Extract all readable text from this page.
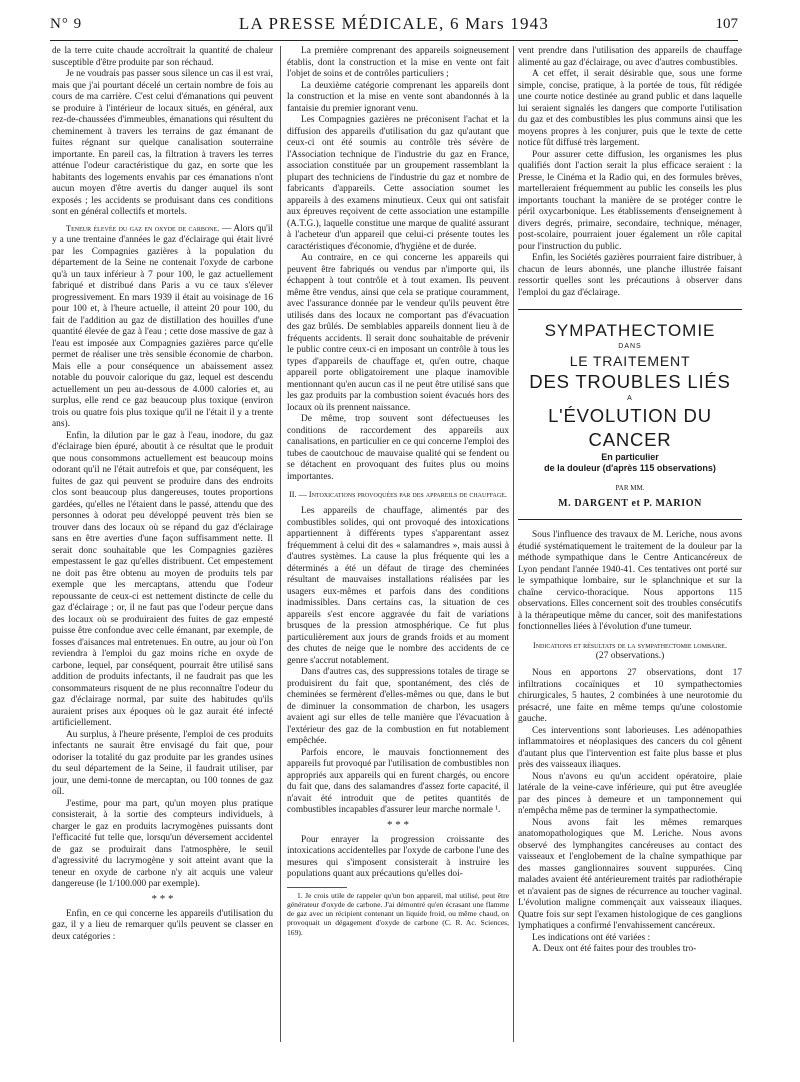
N° 9	LA PRESSE MÉDICALE, 6 Mars 1943	107

de la terre cuite chaude accroîtrait la quantité de chaleur susceptible d'être produite par son réchaud.

Je ne voudrais pas passer sous silence un cas il est vrai, mais que j'ai pourtant décelé un certain nombre de fois au cours de ma carrière. C'est celui d'émanations qui peuvent se produire à l'intérieur de locaux situés, en général, aux rez-de-chaussées d'immeubles, émanations qui résultent du cheminement à travers les terrains de gaz émanant de fuites régnant sur quelque canalisation souterraine importante. En pareil cas, la filtration à travers les terres atténue l'odeur caractéristique du gaz, en sorte que les habitants des logements envahis par ces émanations n'ont aucun moyen d'être avertis du danger auquel ils sont exposés ; les accidents se produisant dans ces conditions sont en général collectifs et mortels.

Teneur élevée du gaz en oxyde de carbone. — Alors qu'il y a une trentaine d'années le gaz d'éclairage qui était livré par les Compagnies gazières à la population du département de la Seine ne contenait l'oxyde de carbone qu'à un taux inférieur à 7 pour 100, le gaz actuellement fabriqué et distribué dans Paris a vu ce taux s'élever progressivement. En mars 1939 il était au voisinage de 16 pour 100 et, à l'heure actuelle, il atteint 20 pour 100, du fait de l'addition au gaz de distillation des houilles d'une quantité élevée de gaz à l'eau ; cette dose massive de gaz à l'eau est imposée aux Compagnies gazières parce qu'elle permet de réaliser une très sensible économie de charbon. Mais elle a pour conséquence un abaissement assez notable du pouvoir calorique du gaz, lequel est descendu actuellement un peu au-dessous de 4.000 calories et, au surplus, elle rend ce gaz beaucoup plus toxique (environ trois ou quatre fois plus toxique qu'il ne l'était il y a trente ans).

Enfin, la dilution par le gaz à l'eau, inodore, du gaz d'éclairage bien épuré, aboutit à ce résultat que le produit que nous consommons actuellement est beaucoup moins odorant qu'il ne l'était autrefois et que, par conséquent, les fuites de gaz qui peuvent se produire dans des endroits clos sont beaucoup plus dangereuses, toutes proportions gardées, qu'elles ne l'étaient dans le passé, attendu que des personnes à odorat peu développé peuvent très bien se trouver dans des locaux où se répand du gaz d'éclairage sans en être averties d'une façon suffisamment nette. Il serait donc souhaitable que les Compagnies gazières empestassent le gaz qu'elles distribuent. Cet empestement ne doit pas être obtenu au moyen de produits tels par exemple que les mercaptans, attendu que l'odeur repoussante de ceux-ci est nettement distincte de celle du gaz d'éclairage ; or, il ne faut pas que l'odeur perçue dans des locaux où se produiraient des fuites de gaz empesté puisse être confondue avec celle émanant, par exemple, de fosses d'aisances mal entretenues. En outre, au jour où l'on reviendra à l'emploi du gaz moins riche en oxyde de carbone, lequel, par conséquent, pourrait être utilisé sans addition de produits infectants, il ne faudrait pas que les consommateurs risquent de ne plus reconnaître l'odeur du gaz d'éclairage normal, par suite des habitudes qu'ils auraient prises aux époques où le gaz aurait été infecté artificiellement.

Au surplus, à l'heure présente, l'emploi de ces produits infectants ne saurait être envisagé du fait que, pour odoriser la totalité du gaz produite par les grandes usines du seul département de la Seine, il faudrait utiliser, par jour, une demi-tonne de mercaptan, ou 100 tonnes de gaz oïl.

J'estime, pour ma part, qu'un moyen plus pratique consisterait, à la sortie des compteurs individuels, à charger le gaz en produits lacrymogènes puissants dont l'efficacité fut telle que, lorsqu'un déversement accidentel de gaz se produirait dans l'atmosphère, le seuil d'agressivité du lacrymogène y soit atteint avant que la teneur en oxyde de carbone n'y ait acquis une valeur dangereuse (le 1/100.000 par exemple).

* * *

Enfin, en ce qui concerne les appareils d'utilisation du gaz, il y a lieu de remarquer qu'ils peuvent se classer en deux catégories :

La première comprenant des appareils soigneusement établis, dont la construction et la mise en vente ont fait l'objet de soins et de contrôles particuliers ;

La deuxième catégorie comprenant les appareils dont la construction et la mise en vente sont abandonnés à la fantaisie du premier ignorant venu.

Les Compagnies gazières ne préconisent l'achat et la diffusion des appareils d'utilisation du gaz qu'autant que ceux-ci ont été soumis au contrôle très sévère de l'Association technique de l'industrie du gaz en France, association constituée par un groupement rassemblant la plupart des techniciens de l'industrie du gaz et nombre de fabricants d'appareils. Cette association soumet les appareils à des examens minutieux. Ceux qui ont satisfait aux épreuves reçoivent de cette association une estampille (A.T.G.), laquelle constitue une marque de qualité assurant à l'acheteur d'un appareil que celui-ci présente toutes les caractéristiques d'économie, d'hygiène et de durée.

Au contraire, en ce qui concerne les appareils qui peuvent être fabriqués ou vendus par n'importe qui, ils échappent à tout contrôle et à tout examen. Ils peuvent même être vendus, ainsi que cela se pratique couramment, avec l'assurance donnée par le vendeur qu'ils peuvent être utilisés dans des locaux ne comportant pas d'évacuation des gaz brûlés. De semblables appareils donnent lieu à de fréquents accidents. Il serait donc souhaitable de prévenir le public contre ceux-ci en imposant un contrôle à tous les types d'appareils de chauffage et, qu'en outre, chaque appareil porte obligatoirement une plaque inamovible mentionnant qu'en aucun cas il ne peut être utilisé sans que les gaz produits par la combustion soient évacués hors des locaux où ils prennent naissance.

De même, trop souvent sont défectueuses les conditions de raccordement des appareils aux canalisations, en particulier en ce qui concerne l'emploi des tubes de caoutchouc de mauvaise qualité qui se fendent ou se détachent en provoquant des fuites plus ou moins importantes.

II. — Intoxications provoquées par des appareils de chauffage.

Les appareils de chauffage, alimentés par des combustibles solides, qui ont provoqué des intoxications appartiennent à différents types s'apparentant assez fréquemment à celui dit des « salamandres », mais aussi à d'autres systèmes. La cause la plus fréquente qui les a déterminés a été un défaut de tirage des cheminées résultant de mauvaises installations réalisées par les usagers eux-mêmes et parfois dans des conditions inadmissibles. Dans certains cas, la situation de ces appareils s'est encore aggravée du fait de variations brusques de la pression atmosphérique. Ce fut plus particulièrement aux jours de grands froids et au moment des chutes de neige que le nombre des accidents de ce genre s'accrut notablement.

Dans d'autres cas, des suppressions totales de tirage se produisirent du fait que, spontanément, des clés de cheminées se fermèrent d'elles-mêmes ou que, dans le but de diminuer la consommation de charbon, les usagers avaient agi sur elles de telle manière que l'évacuation à l'extérieur des gaz de la combustion en fut notablement empêchée.

Parfois encore, le mauvais fonctionnement des appareils fut provoqué par l'utilisation de combustibles non appropriés aux appareils qui en furent chargés, ou encore du fait que, dans des salamandres d'assez forte capacité, il n'avait été introduit que de petites quantités de combustibles incapables d'assurer leur marche normale ¹.

* * *

Pour enrayer la progression croissante des intoxications accidentelles par l'oxyde de carbone l'une des mesures qui s'imposent consisterait à instruire les populations quant aux précautions qu'elles doi-

1. Je crois utile de rappeler qu'un bon appareil, mal utilisé, peut être générateur d'oxyde de carbone. J'ai démontré qu'en écrasant une flamme de gaz avec un récipient contenant un liquide froid, ou même chaud, on provoquait un dégagement d'oxyde de carbone (C. R. Ac. Sciences, 169).

vent prendre dans l'utilisation des appareils de chauffage alimenté au gaz d'éclairage, ou avec d'autres combustibles.

A cet effet, il serait désirable que, sous une forme simple, concise, pratique, à la portée de tous, fût rédigée une courte notice destinée au grand public et dans laquelle lui seraient signalés les dangers que comporte l'utilisation du gaz et des combustibles les plus communs ainsi que les moyens propres à les conjurer, puis que le texte de cette notice fût diffusé très largement.

Pour assurer cette diffusion, les organismes les plus qualifiés dont l'action serait la plus efficace seraient : la Presse, le Cinéma et la Radio qui, en des formules brèves, martelleraient fréquemment au public les conseils les plus importants touchant la manière de se protéger contre le péril oxycarbonique. Les établissements d'enseignement à divers degrés, primaire, secondaire, technique, ménager, post-scolaire, pourraient jouer également un rôle capital pour l'instruction du public.

Enfin, les Sociétés gazières pourraient faire distribuer, à chacun de leurs abonnés, une planche illustrée faisant ressortir quelles sont les précautions à observer dans l'emploi du gaz d'éclairage.

SYMPATHECTOMIE
DANS
LE TRAITEMENT
DES TROUBLES LIÉS
A
L'ÉVOLUTION DU CANCER
En particulier
de la douleur (d'après 115 observations)
PAR MM.
M. DARGENT et P. MARION

Sous l'influence des travaux de M. Leriche, nous avons étudié systématiquement le traitement de la douleur par la méthode sympathique dans le Centre Anticancéreux de Lyon pendant l'année 1940-41. Ces tentatives ont porté sur le sympathique lombaire, sur le splanchnique et sur la chaîne cervico-thoracique. Nous apportons 115 observations. Elles concernent soit des troubles consécutifs à la thérapeutique même du cancer, soit des manifestations fonctionnelles liées à l'évolution d'une tumeur.

Indications et résultats de la sympathectomie lombaire.
(27 observations.)

Nous en apportons 27 observations, dont 17 infiltrations cocaïniques et 10 sympathectomies chirurgicales, 5 hautes, 2 combinées à une neurotomie du présacré, une faite en même temps qu'une colostomie gauche.

Ces interventions sont laborieuses. Les adénopathies inflammatoires et néoplasiques des cancers du col gênent d'autant plus que l'intervention est faite plus basse et plus près des vaisseaux iliaques.

Nous n'avons eu qu'un accident opératoire, plaie latérale de la veine-cave inférieure, qui put être aveuglée par des pinces à demeure et un tamponnement qui n'empêcha même pas de terminer la sympathectomie.

Nous avons fait les mêmes remarques anatomopathologiques que M. Leriche. Nous avons observé des lymphangites cancéreuses au contact des vaisseaux et l'englobement de la chaîne sympathique par des masses ganglionnaires souvent suppurées. Cinq malades avaient été antérieurement traités par radiothérapie et n'avaient pas de signes de récurrence au toucher vaginal. L'évolution maligne commençait aux vaisseaux iliaques. Quatre fois sur sept l'examen histologique de ces ganglions lymphatiques a confirmé l'envahissement cancéreux.

Les indications ont été variées :

A. Deux ont été faites pour des troubles tro-
